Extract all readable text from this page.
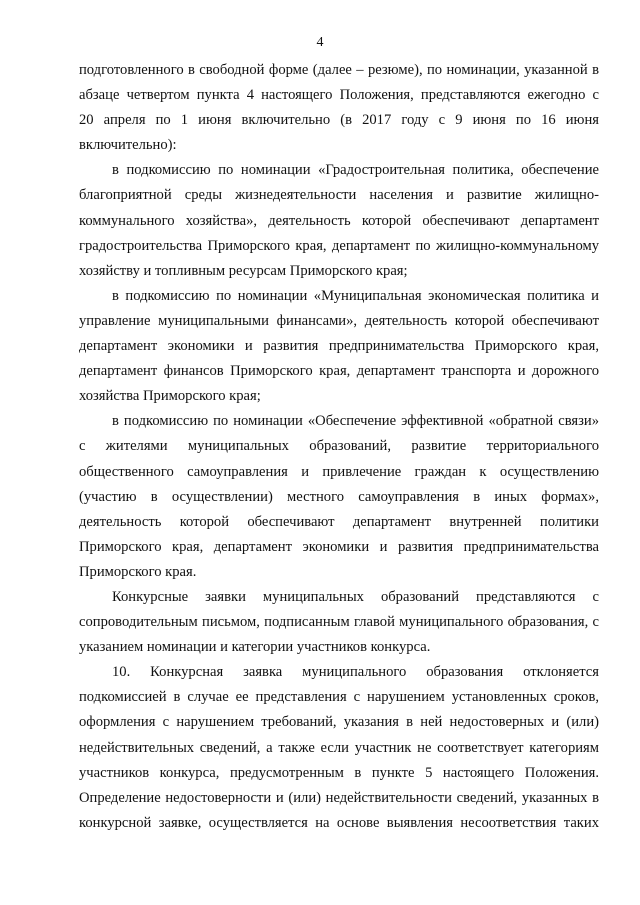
4
подготовленного в свободной форме (далее – резюме), по номинации, указанной в
абзаце четвертом пункта 4 настоящего Положения, представляются ежегодно с
20 апреля по 1 июня включительно (в 2017 году с 9 июня по 16 июня
включительно):
в подкомиссию по номинации «Градостроительная политика, обеспечение
благоприятной среды жизнедеятельности населения и развитие жилищно-
коммунального хозяйства», деятельность которой обеспечивают департамент
градостроительства Приморского края, департамент по жилищно-коммунальному
хозяйству и топливным ресурсам Приморского края;
в подкомиссию по номинации «Муниципальная экономическая политика и
управление муниципальными финансами», деятельность которой обеспечивают
департамент экономики и развития предпринимательства Приморского края,
департамент финансов Приморского края, департамент транспорта и дорожного
хозяйства Приморского края;
в подкомиссию по номинации «Обеспечение эффективной «обратной связи»
с жителями муниципальных образований, развитие территориального
общественного самоуправления и привлечение граждан к осуществлению
(участию в осуществлении) местного самоуправления в иных формах»,
деятельность которой обеспечивают департамент внутренней политики
Приморского края, департамент экономики и развития предпринимательства
Приморского края.
Конкурсные заявки муниципальных образований представляются с
сопроводительным письмом, подписанным главой муниципального образования, с
указанием номинации и категории участников конкурса.
10. Конкурсная заявка муниципального образования отклоняется
подкомиссией в случае ее представления с нарушением установленных сроков,
оформления с нарушением требований, указания в ней недостоверных и (или)
недействительных сведений, а также если участник не соответствует категориям
участников конкурса, предусмотренным в пункте 5 настоящего Положения.
Определение недостоверности и (или) недействительности сведений, указанных в
конкурсной заявке, осуществляется на основе выявления несоответствия таких
